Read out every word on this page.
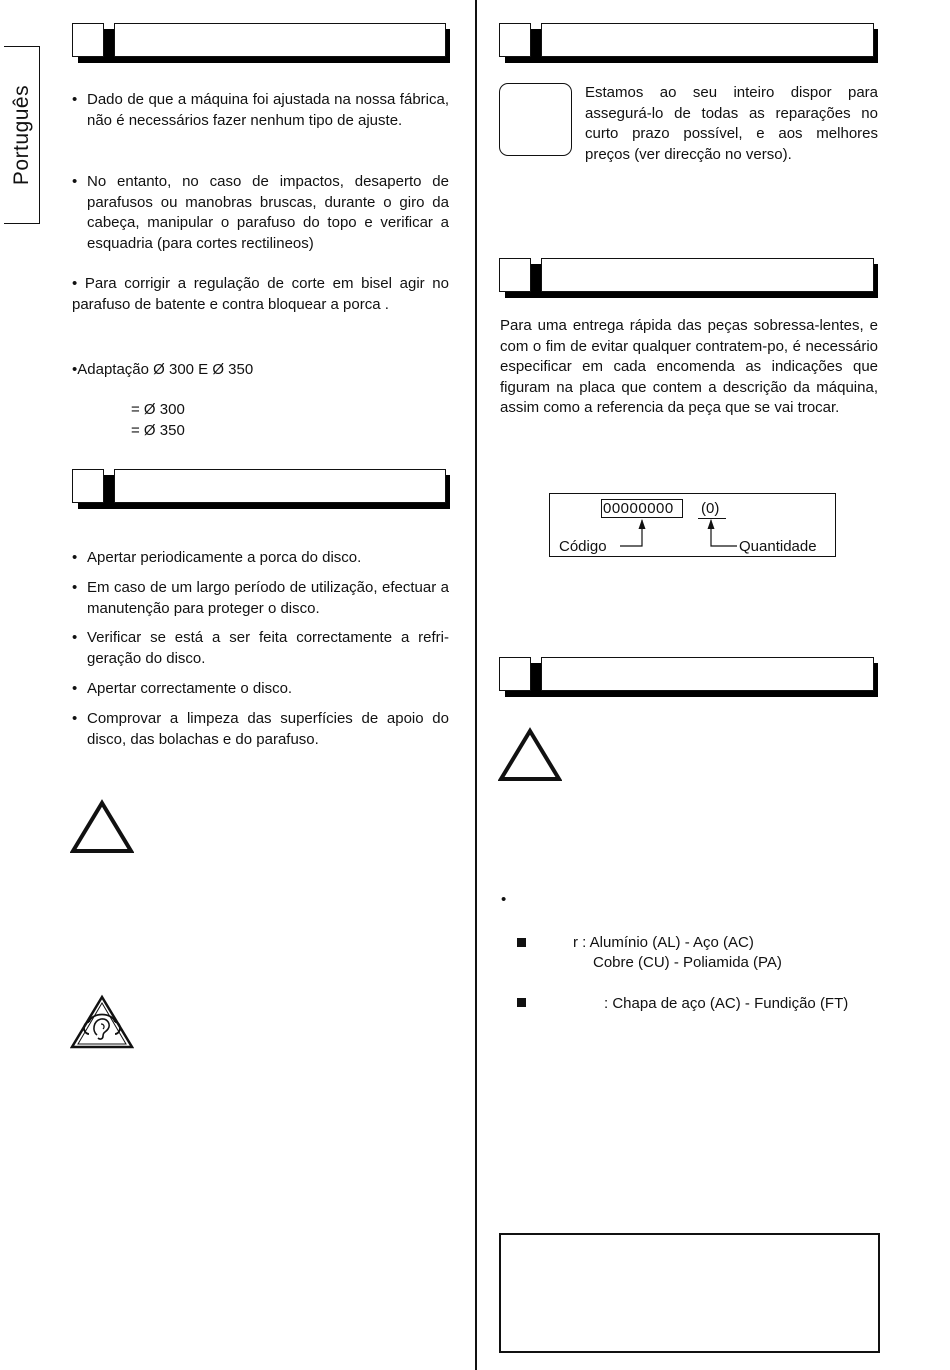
Português
•	Dado de que a máquina foi ajustada na nossa fábrica, não é necessários fazer nenhum tipo de ajuste.
• No entanto, no caso de impactos, desaperto de parafusos ou manobras bruscas, durante o giro da cabeça, manipular o parafuso do topo e verificar a esquadria (para cortes rectilineos)
• Para corrigir a regulação de corte em bisel agir no parafuso de batente e contra bloquear a porca .
•Adaptação Ø 300 E Ø 350
= Ø 300
= Ø 350
• Apertar periodicamente a porca do disco.
• Em caso de um largo período de utilização, efectuar a manutenção para proteger o disco.
• Verificar se está a ser feita correctamente a refri-geração do disco.
• Apertar correctamente o disco.
• Comprovar a limpeza das superfícies de apoio do disco, das bolachas e do parafuso.
Estamos ao seu inteiro dispor para assegurá-lo de todas as reparações no curto prazo possível, e aos melhores preços (ver direcção no verso).
Para uma entrega rápida das peças sobressa-lentes, e com o fim de evitar qualquer contratem-po, é necessário especificar em cada encomenda as indicações que figuram na placa que contem a descrição da máquina, assim como a referencia da peça que se vai trocar.
00000000 (0)
Código	Quantidade
•
r : Alumínio (AL) - Aço (AC)
Cobre (CU) - Poliamida (PA)
: Chapa de aço (AC) - Fundição (FT)
